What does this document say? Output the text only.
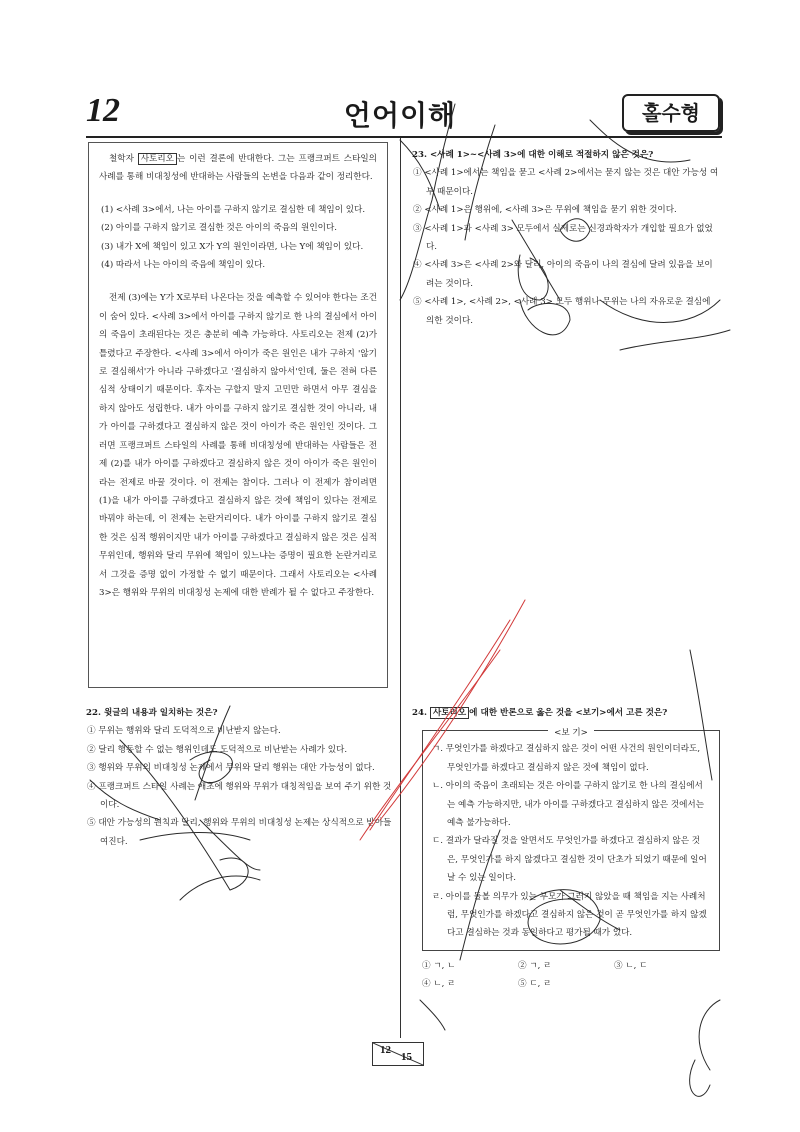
12	언어이해	홀수형

철학자 사토리오 는 이런 결론에 반대한다. 그는 프랭크퍼트 스타일의 사례를 통해 비대칭성에 반대하는 사람들의 논변을 다음과 같이 정리한다.

(1) <사례 3>에서, 나는 아이를 구하지 않기로 결심한 데 책임이 있다.
(2) 아이를 구하지 않기로 결심한 것은 아이의 죽음의 원인이다.
(3) 내가 X에 책임이 있고 X가 Y의 원인이라면, 나는 Y에 책임이 있다.
(4) 따라서 나는 아이의 죽음에 책임이 있다.

전제 (3)에는 Y가 X로부터 나온다는 것을 예측할 수 있어야 한다는 조건이 숨어 있다. <사례 3>에서 아이를 구하지 않기로 한 나의 결심에서 아이의 죽음이 초래된다는 것은 충분히 예측 가능하다. 사토리오는 전제 (2)가 틀렸다고 주장한다. <사례 3>에서 아이가 죽은 원인은 내가 구하지 '않기로 결심해서'가 아니라 구하겠다고 '결심하지 않아서'인데, 둘은 전혀 다른 심적 상태이기 때문이다. 후자는 구할지 말지 고민만 하면서 아무 결심을 하지 않아도 성립한다. 내가 아이를 구하지 않기로 결심한 것이 아니라, 내가 아이를 구하겠다고 결심하지 않은 것이 아이가 죽은 원인인 것이다. 그러면 프랭크퍼트 스타일의 사례를 통해 비대칭성에 반대하는 사람들은 전제 (2)를 내가 아이를 구하겠다고 결심하지 않은 것이 아이가 죽은 원인이라는 전제로 바꿀 것이다. 이 전제는 참이다. 그러나 이 전제가 참이려면 (1)을 내가 아이를 구하겠다고 결심하지 않은 것에 책임이 있다는 전제로 바꿔야 하는데, 이 전제는 논란거리이다. 내가 아이를 구하지 않기로 결심한 것은 심적 행위이지만 내가 아이를 구하겠다고 결심하지 않은 것은 심적 무위인데, 행위와 달리 무위에 책임이 있느냐는 증명이 필요한 논란거리로서 그것을 증명 없이 가정할 수 없기 때문이다. 그래서 사토리오는 <사례 3>은 행위와 무위의 비대칭성 논제에 대한 반례가 될 수 없다고 주장한다.

23. <사례 1>~<사례 3>에 대한 이해로 적절하지 않은 것은?

① <사례 1>에서는 책임을 묻고 <사례 2>에서는 묻지 않는 것은 대안 가능성 여부 때문이다.
② <사례 1>은 행위에, <사례 3>은 무위에 책임을 묻기 위한 것이다.
③ <사례 1>과 <사례 3> 모두에서 실제로는 신경과학자가 개입할 필요가 없었다.
④ <사례 3>은 <사례 2>와 달리, 아이의 죽음이 나의 결심에 달려 있음을 보이려는 것이다.
⑤ <사례 1>, <사례 2>, <사례 3> 모두 행위나 무위는 나의 자유로운 결심에 의한 것이다.

22. 윗글의 내용과 일치하는 것은?

① 무위는 행위와 달리 도덕적으로 비난받지 않는다.
② 달리 행동할 수 없는 행위인데도 도덕적으로 비난받는 사례가 있다.
③ 행위와 무위의 비대칭성 논제에서 무위와 달리 행위는 대안 가능성이 없다.
④ 프랭크퍼트 스타일 사례는 애초에 행위와 무위가 대칭적임을 보여 주기 위한 것이다.
⑤ 대안 가능성의 원칙과 달리, 행위와 무위의 비대칭성 논제는 상식적으로 받아들여진다.

24. 사토리오 에 대한 반론으로 옳은 것을 <보기>에서 고른 것은?

<보 기>
ㄱ. 무엇인가를 하겠다고 결심하지 않은 것이 어떤 사건의 원인이더라도, 무엇인가를 하겠다고 결심하지 않은 것에 책임이 없다.
ㄴ. 아이의 죽음이 초래되는 것은 아이를 구하지 않기로 한 나의 결심에서는 예측 가능하지만, 내가 아이를 구하겠다고 결심하지 않은 것에서는 예측 불가능하다.
ㄷ. 결과가 달라질 것을 알면서도 무엇인가를 하겠다고 결심하지 않은 것은, 무엇인가를 하지 않겠다고 결심한 것이 단초가 되었기 때문에 일어날 수 있는 일이다.
ㄹ. 아이를 돌볼 의무가 있는 부모가 그러지 않았을 때 책임을 지는 사례처럼, 무엇인가를 하겠다고 결심하지 않은 것이 곧 무엇인가를 하지 않겠다고 결심하는 것과 동일하다고 평가될 때가 있다.
① ㄱ, ㄴ	② ㄱ, ㄹ	③ ㄴ, ㄷ
④ ㄴ, ㄹ	⑤ ㄷ, ㄹ
12
15
